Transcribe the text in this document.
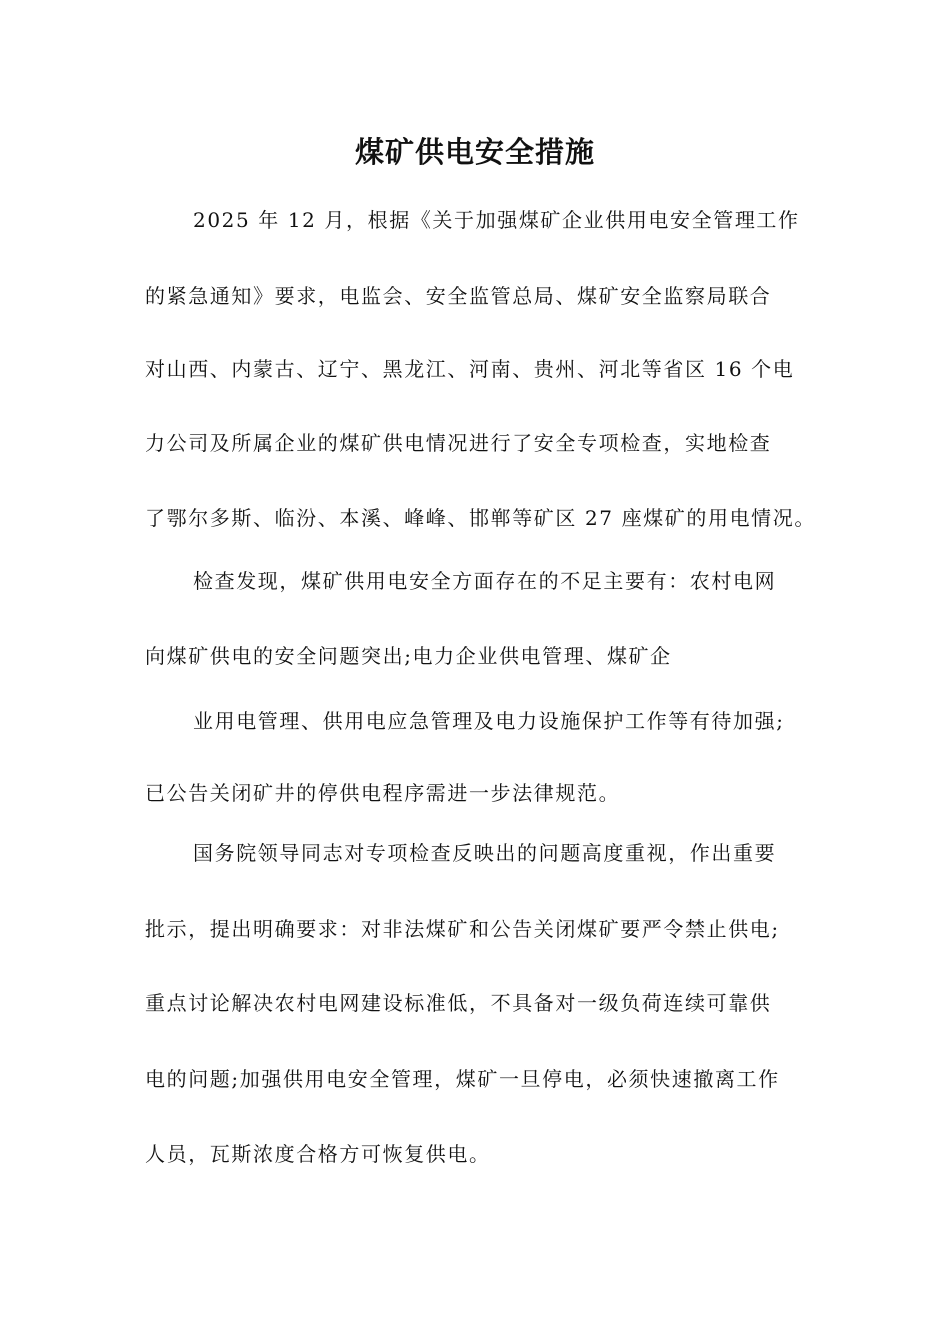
煤矿供电安全措施
2025 年 12 月，根据《关于加强煤矿企业供用电安全管理工作
的紧急通知》要求，电监会、安全监管总局、煤矿安全监察局联合
对山西、内蒙古、辽宁、黑龙江、河南、贵州、河北等省区 16 个电
力公司及所属企业的煤矿供电情况进行了安全专项检查，实地检查
了鄂尔多斯、临汾、本溪、峰峰、邯郸等矿区 27 座煤矿的用电情况。
检查发现，煤矿供用电安全方面存在的不足主要有：农村电网
向煤矿供电的安全问题突出;电力企业供电管理、煤矿企
业用电管理、供用电应急管理及电力设施保护工作等有待加强;
已公告关闭矿井的停供电程序需进一步法律规范。
国务院领导同志对专项检查反映出的问题高度重视，作出重要
批示，提出明确要求：对非法煤矿和公告关闭煤矿要严令禁止供电;
重点讨论解决农村电网建设标准低，不具备对一级负荷连续可靠供
电的问题;加强供用电安全管理，煤矿一旦停电，必须快速撤离工作
人员，瓦斯浓度合格方可恢复供电。
